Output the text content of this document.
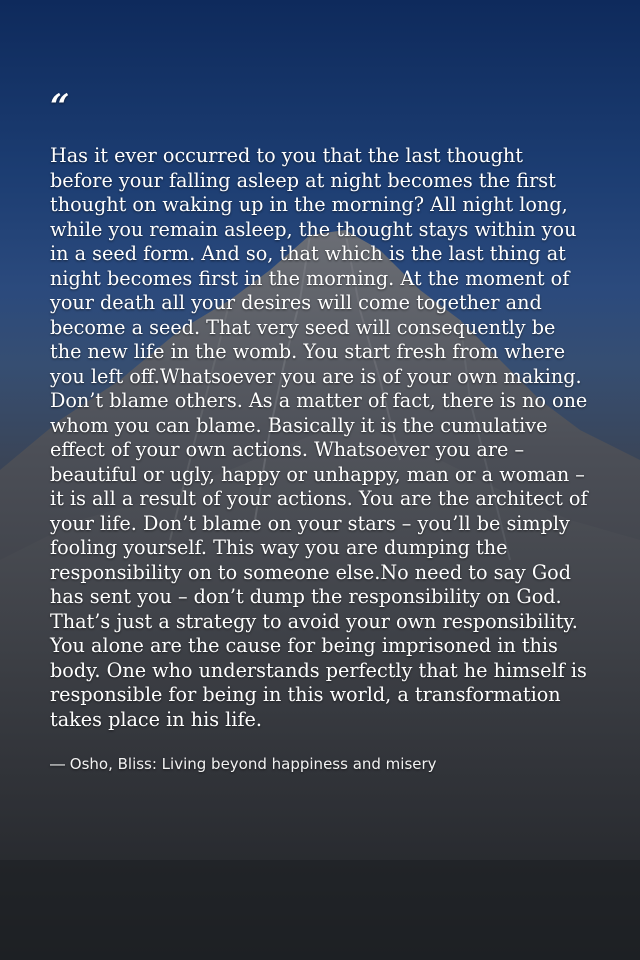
“
Has it ever occurred to you that the last thought before your falling asleep at night becomes the first thought on waking up in the morning? All night long, while you remain asleep, the thought stays within you in a seed form. And so, that which is the last thing at night becomes first in the morning. At the moment of your death all your desires will come together and become a seed. That very seed will consequently be the new life in the womb. You start fresh from where you left off.Whatsoever you are is of your own making. Don’t blame others. As a matter of fact, there is no one whom you can blame. Basically it is the cumulative effect of your own actions. Whatsoever you are – beautiful or ugly, happy or unhappy, man or a woman – it is all a result of your actions. You are the architect of your life. Don’t blame on your stars – you’ll be simply fooling yourself. This way you are dumping the responsibility on to someone else.No need to say God has sent you – don’t dump the responsibility on God. That’s just a strategy to avoid your own responsibility. You alone are the cause for being imprisoned in this body. One who understands perfectly that he himself is responsible for being in this world, a transformation takes place in his life.
― Osho, Bliss: Living beyond happiness and misery
